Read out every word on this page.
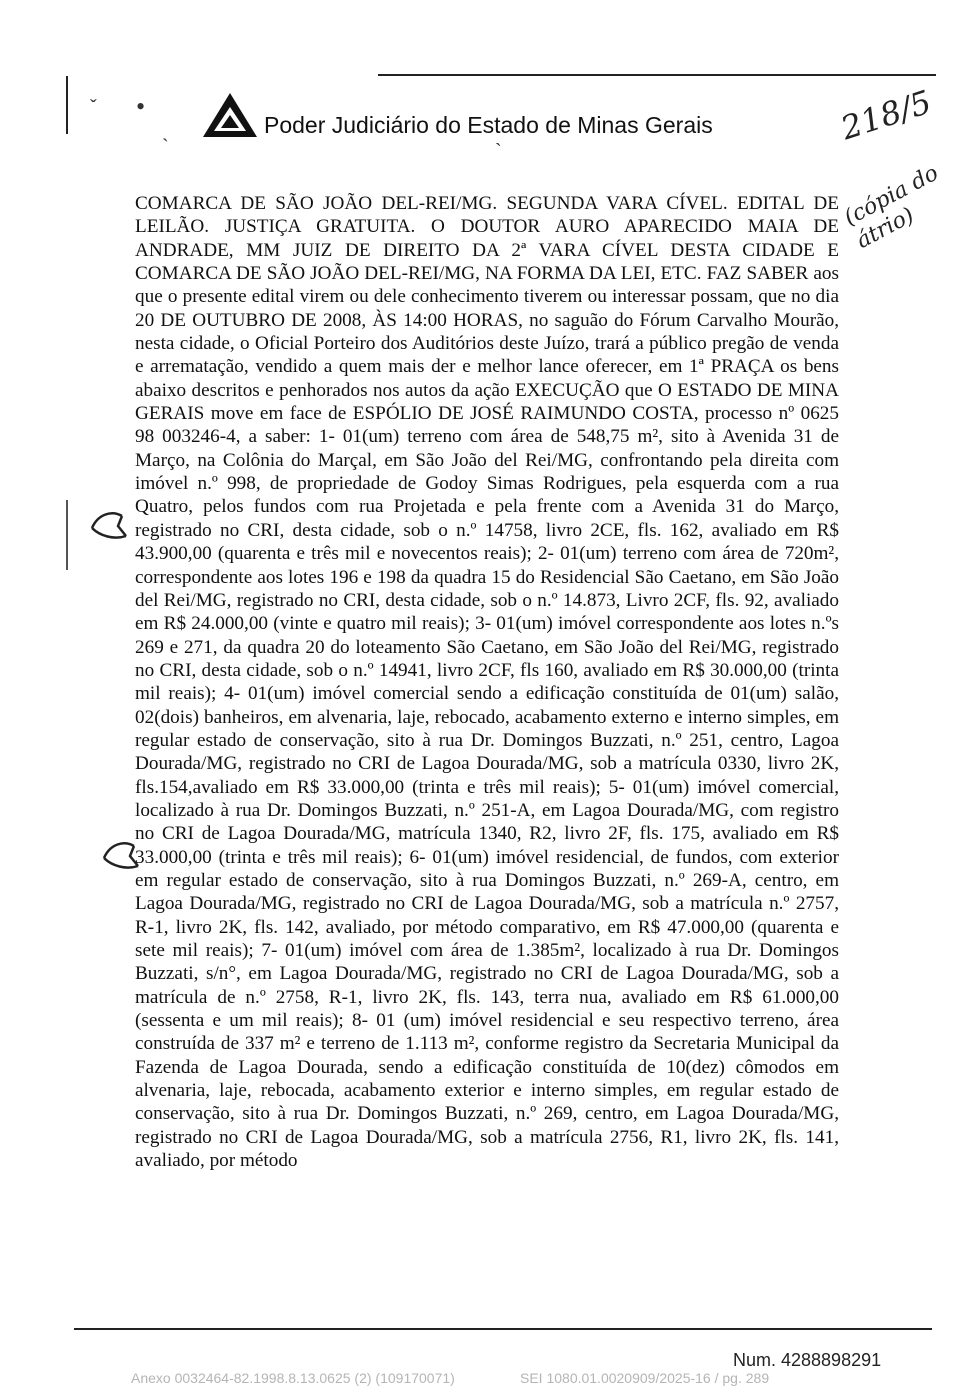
Poder Judiciário do Estado de Minas Gerais	218/5
(cópia do átrio)
ˇ •
ˎ
ˋ

COMARCA DE SÃO JOÃO DEL-REI/MG. SEGUNDA VARA CÍVEL. EDITAL DE LEILÃO. JUSTIÇA GRATUITA. O DOUTOR AURO APARECIDO MAIA DE ANDRADE, MM JUIZ DE DIREITO DA 2ª VARA CÍVEL DESTA CIDADE E COMARCA DE SÃO JOÃO DEL-REI/MG, NA FORMA DA LEI, ETC. FAZ SABER aos que o presente edital virem ou dele conhecimento tiverem ou interessar possam, que no dia 20 DE OUTUBRO DE 2008, ÀS 14:00 HORAS, no saguão do Fórum Carvalho Mourão, nesta cidade, o Oficial Porteiro dos Auditórios deste Juízo, trará a público pregão de venda e arrematação, vendido a quem mais der e melhor lance oferecer, em 1ª PRAÇA os bens abaixo descritos e penhorados nos autos da ação EXECUÇÃO que O ESTADO DE MINA GERAIS move em face de ESPÓLIO DE JOSÉ RAIMUNDO COSTA, processo nº 0625 98 003246-4, a saber: 1- 01(um) terreno com área de 548,75 m², sito à Avenida 31 de Março, na Colônia do Marçal, em São João del Rei/MG, confrontando pela direita com imóvel n.º 998, de propriedade de Godoy Simas Rodrigues, pela esquerda com a rua Quatro, pelos fundos com rua Projetada e pela frente com a Avenida 31 do Março, registrado no CRI, desta cidade, sob o n.º 14758, livro 2CE, fls. 162, avaliado em R$ 43.900,00 (quarenta e três mil e novecentos reais); 2- 01(um) terreno com área de 720m², correspondente aos lotes 196 e 198 da quadra 15 do Residencial São Caetano, em São João del Rei/MG, registrado no CRI, desta cidade, sob o n.º 14.873, Livro 2CF, fls. 92, avaliado em R$ 24.000,00 (vinte e quatro mil reais); 3- 01(um) imóvel correspondente aos lotes n.ºs 269 e 271, da quadra 20 do loteamento São Caetano, em São João del Rei/MG, registrado no CRI, desta cidade, sob o n.º 14941, livro 2CF, fls 160, avaliado em R$ 30.000,00 (trinta mil reais); 4- 01(um) imóvel comercial sendo a edificação constituída de 01(um) salão, 02(dois) banheiros, em alvenaria, laje, rebocado, acabamento externo e interno simples, em regular estado de conservação, sito à rua Dr. Domingos Buzzati, n.º 251, centro, Lagoa Dourada/MG, registrado no CRI de Lagoa Dourada/MG, sob a matrícula 0330, livro 2K, fls.154,avaliado em R$ 33.000,00 (trinta e três mil reais); 5- 01(um) imóvel comercial, localizado à rua Dr. Domingos Buzzati, n.º 251-A, em Lagoa Dourada/MG, com registro no CRI de Lagoa Dourada/MG, matrícula 1340, R2, livro 2F, fls. 175, avaliado em R$ 33.000,00 (trinta e três mil reais); 6- 01(um) imóvel residencial, de fundos, com exterior em regular estado de conservação, sito à rua Domingos Buzzati, n.º 269-A, centro, em Lagoa Dourada/MG, registrado no CRI de Lagoa Dourada/MG, sob a matrícula n.º 2757, R-1, livro 2K, fls. 142, avaliado, por método comparativo, em R$ 47.000,00 (quarenta e sete mil reais); 7- 01(um) imóvel com área de 1.385m², localizado à rua Dr. Domingos Buzzati, s/n°, em Lagoa Dourada/MG, registrado no CRI de Lagoa Dourada/MG, sob a matrícula de n.º 2758, R-1, livro 2K, fls. 143, terra nua, avaliado em R$ 61.000,00 (sessenta e um mil reais); 8- 01 (um) imóvel residencial e seu respectivo terreno, área construída de 337 m² e terreno de 1.113 m², conforme registro da Secretaria Municipal da Fazenda de Lagoa Dourada, sendo a edificação constituída de 10(dez) cômodos em alvenaria, laje, rebocada, acabamento exterior e interno simples, em regular estado de conservação, sito à rua Dr. Domingos Buzzati, n.º 269, centro, em Lagoa Dourada/MG, registrado no CRI de Lagoa Dourada/MG, sob a matrícula 2756, R1, livro 2K, fls. 141, avaliado, por método

Num. 4288898291
Anexo 0032464-82.1998.8.13.0625 (2) (109170071)	SEI 1080.01.0020909/2025-16 / pg. 289
